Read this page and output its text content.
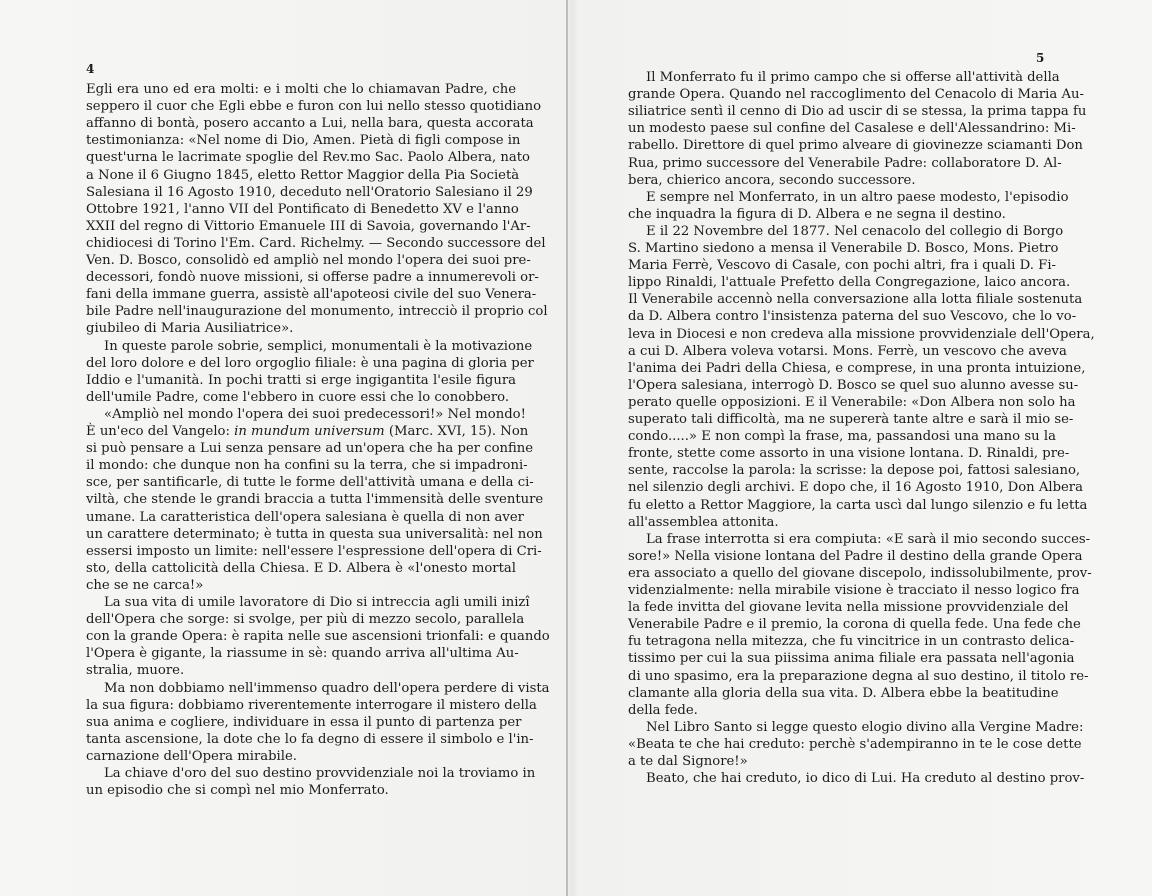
4
Egli era uno ed era molti: e i molti che lo chiamavan Padre, che
seppero il cuor che Egli ebbe e furon con lui nello stesso quotidiano
affanno di bontà, posero accanto a Lui, nella bara, questa accorata
testimonianza: «Nel nome di Dio, Amen. Pietà di figli compose in
quest'urna le lacrimate spoglie del Rev.mo Sac. Paolo Albera, nato
a None il 6 Giugno 1845, eletto Rettor Maggior della Pia Società
Salesiana il 16 Agosto 1910, deceduto nell'Oratorio Salesiano il 29
Ottobre 1921, l'anno VII del Pontificato di Benedetto XV e l'anno
XXII del regno di Vittorio Emanuele III di Savoia, governando l'Ar-
chidiocesi di Torino l'Em. Card. Richelmy. — Secondo successore del
Ven. D. Bosco, consolidò ed ampliò nel mondo l'opera dei suoi pre-
decessori, fondò nuove missioni, si offerse padre a innumerevoli or-
fani della immane guerra, assistè all'apoteosi civile del suo Venera-
bile Padre nell'inaugurazione del monumento, intrecciò il proprio col
giubileo di Maria Ausiliatrice».
In queste parole sobrie, semplici, monumentali è la motivazione
del loro dolore e del loro orgoglio filiale: è una pagina di gloria per
Iddio e l'umanità. In pochi tratti si erge ingigantita l'esile figura
dell'umile Padre, come l'ebbero in cuore essi che lo conobbero.
«Ampliò nel mondo l'opera dei suoi predecessori!» Nel mondo!
È un'eco del Vangelo: in mundum universum (Marc. XVI, 15). Non
si può pensare a Lui senza pensare ad un'opera che ha per confine
il mondo: che dunque non ha confini su la terra, che si impadroni-
sce, per santificarle, di tutte le forme dell'attività umana e della ci-
viltà, che stende le grandi braccia a tutta l'immensità delle sventure
umane. La caratteristica dell'opera salesiana è quella di non aver
un carattere determinato; è tutta in questa sua universalità: nel non
essersi imposto un limite: nell'essere l'espressione dell'opera di Cri-
sto, della cattolicità della Chiesa. E D. Albera è «l'onesto mortal
che se ne carca!»
La sua vita di umile lavoratore di Dio si intreccia agli umili inizî
dell'Opera che sorge: si svolge, per più di mezzo secolo, parallela
con la grande Opera: è rapita nelle sue ascensioni trionfali: e quando
l'Opera è gigante, la riassume in sè: quando arriva all'ultima Au-
stralia, muore.
Ma non dobbiamo nell'immenso quadro dell'opera perdere di vista
la sua figura: dobbiamo riverentemente interrogare il mistero della
sua anima e cogliere, individuare in essa il punto di partenza per
tanta ascensione, la dote che lo fa degno di essere il simbolo e l'in-
carnazione dell'Opera mirabile.
La chiave d'oro del suo destino provvidenziale noi la troviamo in
un episodio che si compì nel mio Monferrato.
5
Il Monferrato fu il primo campo che si offerse all'attività della
grande Opera. Quando nel raccoglimento del Cenacolo di Maria Au-
siliatrice sentì il cenno di Dio ad uscir di se stessa, la prima tappa fu
un modesto paese sul confine del Casalese e dell'Alessandrino: Mi-
rabello. Direttore di quel primo alveare di giovinezze sciamanti Don
Rua, primo successore del Venerabile Padre: collaboratore D. Al-
bera, chierico ancora, secondo successore.
E sempre nel Monferrato, in un altro paese modesto, l'episodio
che inquadra la figura di D. Albera e ne segna il destino.
E il 22 Novembre del 1877. Nel cenacolo del collegio di Borgo
S. Martino siedono a mensa il Venerabile D. Bosco, Mons. Pietro
Maria Ferrè, Vescovo di Casale, con pochi altri, fra i quali D. Fi-
lippo Rinaldi, l'attuale Prefetto della Congregazione, laico ancora.
Il Venerabile accennò nella conversazione alla lotta filiale sostenuta
da D. Albera contro l'insistenza paterna del suo Vescovo, che lo vo-
leva in Diocesi e non credeva alla missione provvidenziale dell'Opera,
a cui D. Albera voleva votarsi. Mons. Ferrè, un vescovo che aveva
l'anima dei Padri della Chiesa, e comprese, in una pronta intuizione,
l'Opera salesiana, interrogò D. Bosco se quel suo alunno avesse su-
perato quelle opposizioni. E il Venerabile: «Don Albera non solo ha
superato tali difficoltà, ma ne supererà tante altre e sarà il mio se-
condo.....» E non compì la frase, ma, passandosi una mano su la
fronte, stette come assorto in una visione lontana. D. Rinaldi, pre-
sente, raccolse la parola: la scrisse: la depose poi, fattosi salesiano,
nel silenzio degli archivi. E dopo che, il 16 Agosto 1910, Don Albera
fu eletto a Rettor Maggiore, la carta uscì dal lungo silenzio e fu letta
all'assemblea attonita.
La frase interrotta si era compiuta: «E sarà il mio secondo succes-
sore!» Nella visione lontana del Padre il destino della grande Opera
era associato a quello del giovane discepolo, indissolubilmente, prov-
videnzialmente: nella mirabile visione è tracciato il nesso logico fra
la fede invitta del giovane levita nella missione provvidenziale del
Venerabile Padre e il premio, la corona di quella fede. Una fede che
fu tetragona nella mitezza, che fu vincitrice in un contrasto delica-
tissimo per cui la sua piissima anima filiale era passata nell'agonia
di uno spasimo, era la preparazione degna al suo destino, il titolo re-
clamante alla gloria della sua vita. D. Albera ebbe la beatitudine
della fede.
Nel Libro Santo si legge questo elogio divino alla Vergine Madre:
«Beata te che hai creduto: perchè s'adempiranno in te le cose dette
a te dal Signore!»
Beato, che hai creduto, io dico di Lui. Ha creduto al destino prov-
